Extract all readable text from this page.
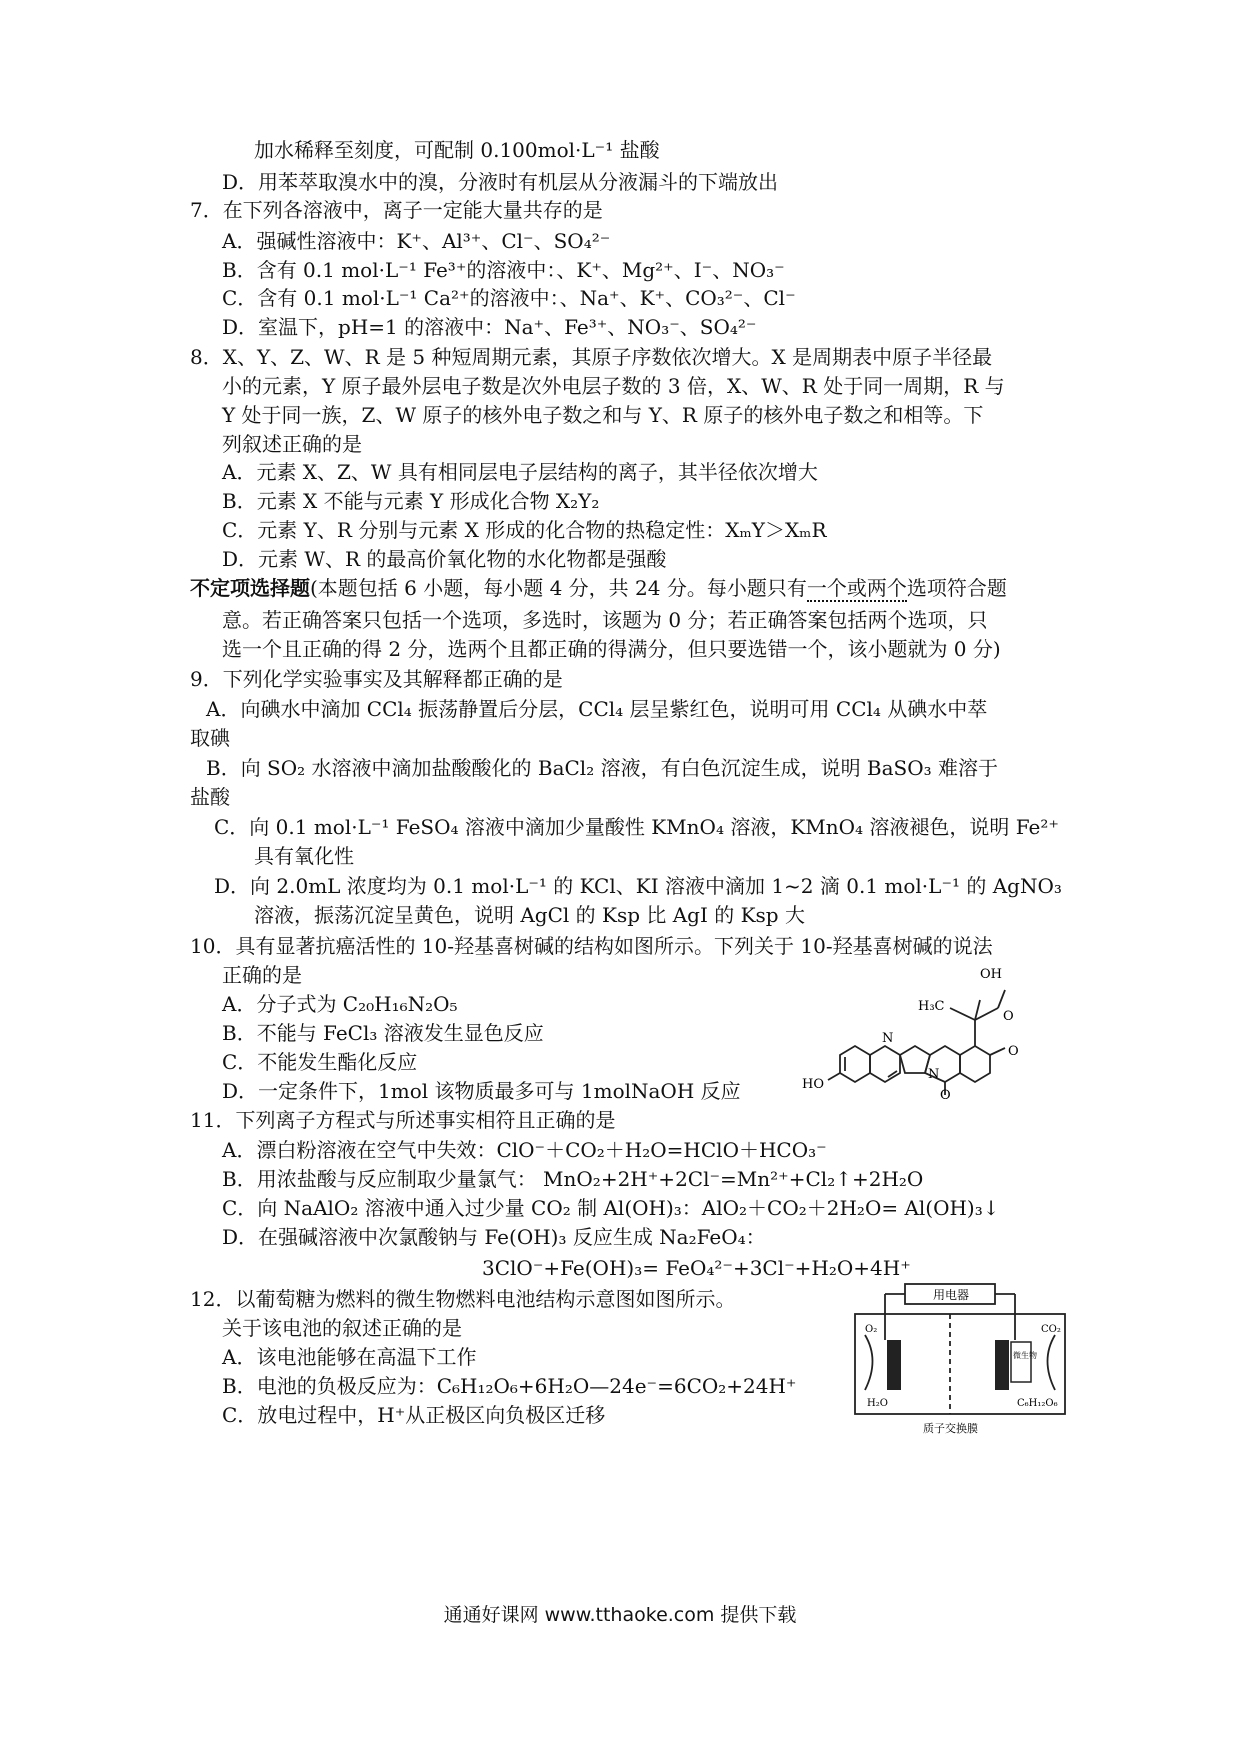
加水稀释至刻度，可配制 0.100mol·L⁻¹ 盐酸
D．用苯萃取溴水中的溴，分液时有机层从分液漏斗的下端放出
7．在下列各溶液中，离子一定能大量共存的是
A．强碱性溶液中：K⁺、Al³⁺、Cl⁻、SO₄²⁻
B．含有 0.1 mol·L⁻¹ Fe³⁺的溶液中：、K⁺、Mg²⁺、I⁻、NO₃⁻
C．含有 0.1 mol·L⁻¹ Ca²⁺的溶液中：、Na⁺、K⁺、CO₃²⁻、Cl⁻
D．室温下，pH=1 的溶液中：Na⁺、Fe³⁺、NO₃⁻、SO₄²⁻
8．X、Y、Z、W、R 是 5 种短周期元素，其原子序数依次增大。X 是周期表中原子半径最
小的元素，Y 原子最外层电子数是次外电层子数的 3 倍，X、W、R 处于同一周期，R 与
Y 处于同一族，Z、W 原子的核外电子数之和与 Y、R 原子的核外电子数之和相等。下
列叙述正确的是
A．元素 X、Z、W 具有相同层电子层结构的离子，其半径依次增大
B．元素 X 不能与元素 Y 形成化合物 X₂Y₂
C．元素 Y、R 分别与元素 X 形成的化合物的热稳定性：XₘY＞XₘR
D．元素 W、R 的最高价氧化物的水化物都是强酸
不定项选择题(本题包括 6 小题，每小题 4 分，共 24 分。每小题只有一个或两个选项符合题
意。若正确答案只包括一个选项，多选时，该题为 0 分；若正确答案包括两个选项，只
选一个且正确的得 2 分，选两个且都正确的得满分，但只要选错一个，该小题就为 0 分)
9．下列化学实验事实及其解释都正确的是
A．向碘水中滴加 CCl₄ 振荡静置后分层，CCl₄ 层呈紫红色，说明可用 CCl₄ 从碘水中萃
取碘
B．向 SO₂ 水溶液中滴加盐酸酸化的 BaCl₂ 溶液，有白色沉淀生成，说明 BaSO₃ 难溶于
盐酸
C．向 0.1 mol·L⁻¹ FeSO₄ 溶液中滴加少量酸性 KMnO₄ 溶液，KMnO₄ 溶液褪色，说明 Fe²⁺
具有氧化性
D．向 2.0mL 浓度均为 0.1 mol·L⁻¹ 的 KCl、KI 溶液中滴加 1~2 滴 0.1 mol·L⁻¹ 的 AgNO₃
溶液，振荡沉淀呈黄色，说明 AgCl 的 Ksp 比 AgI 的 Ksp 大
10．具有显著抗癌活性的 10-羟基喜树碱的结构如图所示。下列关于 10-羟基喜树碱的说法
正确的是
A．分子式为 C₂₀H₁₆N₂O₅
B．不能与 FeCl₃ 溶液发生显色反应
C．不能发生酯化反应
D．一定条件下，1mol 该物质最多可与 1molNaOH 反应
N
N
OH
H₃C
O
O
O
HO
11．下列离子方程式与所述事实相符且正确的是
A．漂白粉溶液在空气中失效：ClO⁻＋CO₂＋H₂O=HClO＋HCO₃⁻
B．用浓盐酸与反应制取少量氯气： MnO₂+2H⁺+2Cl⁻=Mn²⁺+Cl₂↑+2H₂O
C．向 NaAlO₂ 溶液中通入过少量 CO₂ 制 Al(OH)₃：AlO₂＋CO₂＋2H₂O= Al(OH)₃↓
D．在强碱溶液中次氯酸钠与 Fe(OH)₃ 反应生成 Na₂FeO₄：
3ClO⁻+Fe(OH)₃= FeO₄²⁻+3Cl⁻+H₂O+4H⁺
12．以葡萄糖为燃料的微生物燃料电池结构示意图如图所示。
关于该电池的叙述正确的是
A．该电池能够在高温下工作
B．电池的负极反应为：C₆H₁₂O₆+6H₂O—24e⁻=6CO₂+24H⁺
C．放电过程中，H⁺从正极区向负极区迁移
用电器
O₂	CO₂
H₂O
微生物
C₆H₁₂O₆
质子交换膜
通通好课网 www.tthaoke.com 提供下载
